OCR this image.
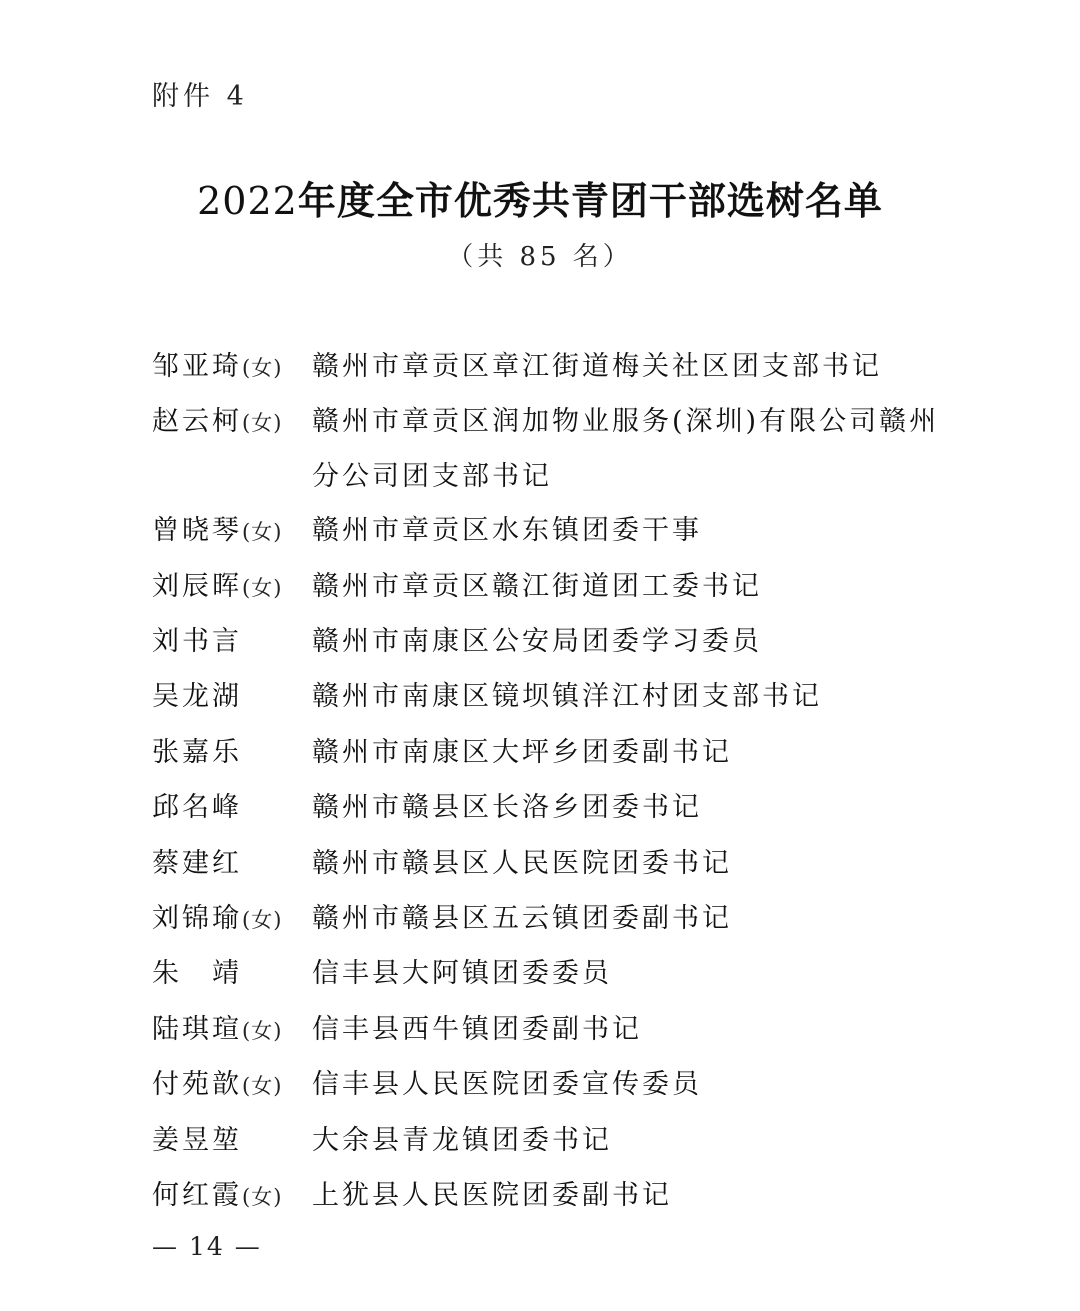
附件 4
2022年度全市优秀共青团干部选树名单
（共 85 名）
邹亚琦(女)	赣州市章贡区章江街道梅关社区团支部书记
赵云柯(女)	赣州市章贡区润加物业服务(深圳)有限公司赣州
分公司团支部书记
曾晓琴(女)	赣州市章贡区水东镇团委干事
刘辰晖(女)	赣州市章贡区赣江街道团工委书记
刘书言	赣州市南康区公安局团委学习委员
吴龙湖	赣州市南康区镜坝镇洋江村团支部书记
张嘉乐	赣州市南康区大坪乡团委副书记
邱名峰	赣州市赣县区长洛乡团委书记
蔡建红	赣州市赣县区人民医院团委书记
刘锦瑜(女)	赣州市赣县区五云镇团委副书记
朱　靖	信丰县大阿镇团委委员
陆琪瑄(女)	信丰县西牛镇团委副书记
付苑歆(女)	信丰县人民医院团委宣传委员
姜昱堃	大余县青龙镇团委书记
何红霞(女)	上犹县人民医院团委副书记
— 14 —
